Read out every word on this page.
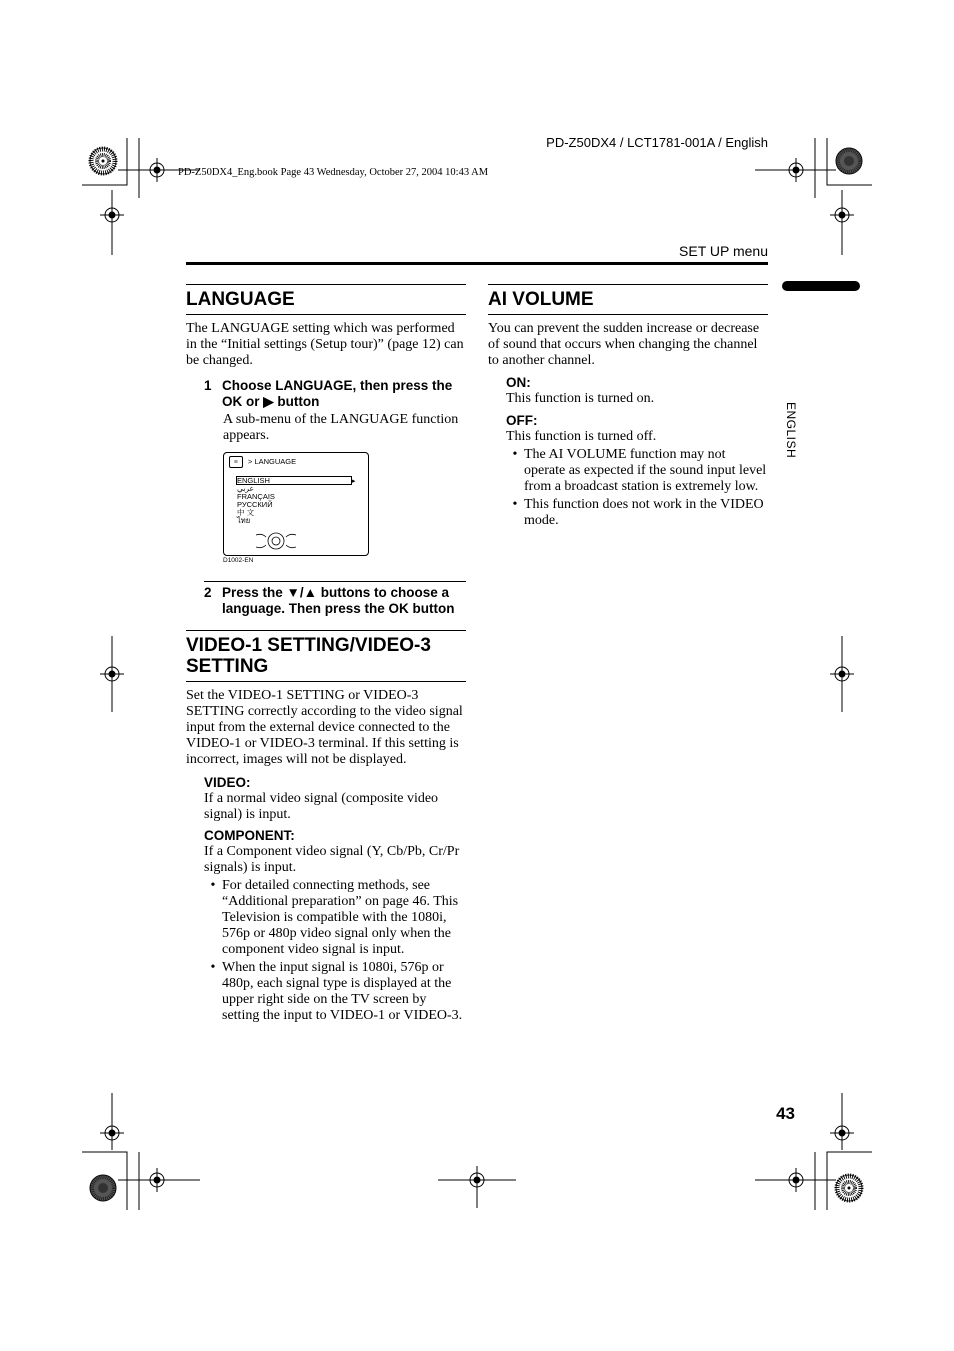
PD-Z50DX4 / LCT1781-001A / English
PD-Z50DX4_Eng.book Page 43 Wednesday, October 27, 2004 10:43 AM
SET UP menu
ENGLISH
43
LANGUAGE

The LANGUAGE setting which was performed in the “Initial settings (Setup tour)” (page 12) can be changed.

1 Choose LANGUAGE, then press the OK or ▶ button

A sub-menu of the LANGUAGE function appears.

≡	> LANGUAGE
▸
ENGLISH
عربي
FRANÇAIS
РУССКИЙ
中 文
ไทย
D1002-EN
2 Press the ▼/▲ buttons to choose a language. Then press the OK button
VIDEO-1 SETTING/VIDEO-3 SETTING

Set the VIDEO-1 SETTING or VIDEO-3 SETTING correctly according to the video signal input from the external device connected to the VIDEO-1 or VIDEO-3 terminal. If this setting is incorrect, images will not be displayed.

VIDEO:

If a normal video signal (composite video signal) is input.

COMPONENT:

If a Component video signal (Y, Cb/Pb, Cr/Pr signals) is input.

• For detailed connecting methods, see “Additional preparation” on page 46. This Television is compatible with the 1080i, 576p or 480p video signal only when the component video signal is input.
• When the input signal is 1080i, 576p or 480p, each signal type is displayed at the upper right side on the TV screen by setting the input to VIDEO-1 or VIDEO-3.
AI VOLUME

You can prevent the sudden increase or decrease of sound that occurs when changing the channel to another channel.

ON:

This function is turned on.

OFF:

This function is turned off.

• The AI VOLUME function may not operate as expected if the sound input level from a broadcast station is extremely low.
• This function does not work in the VIDEO mode.
